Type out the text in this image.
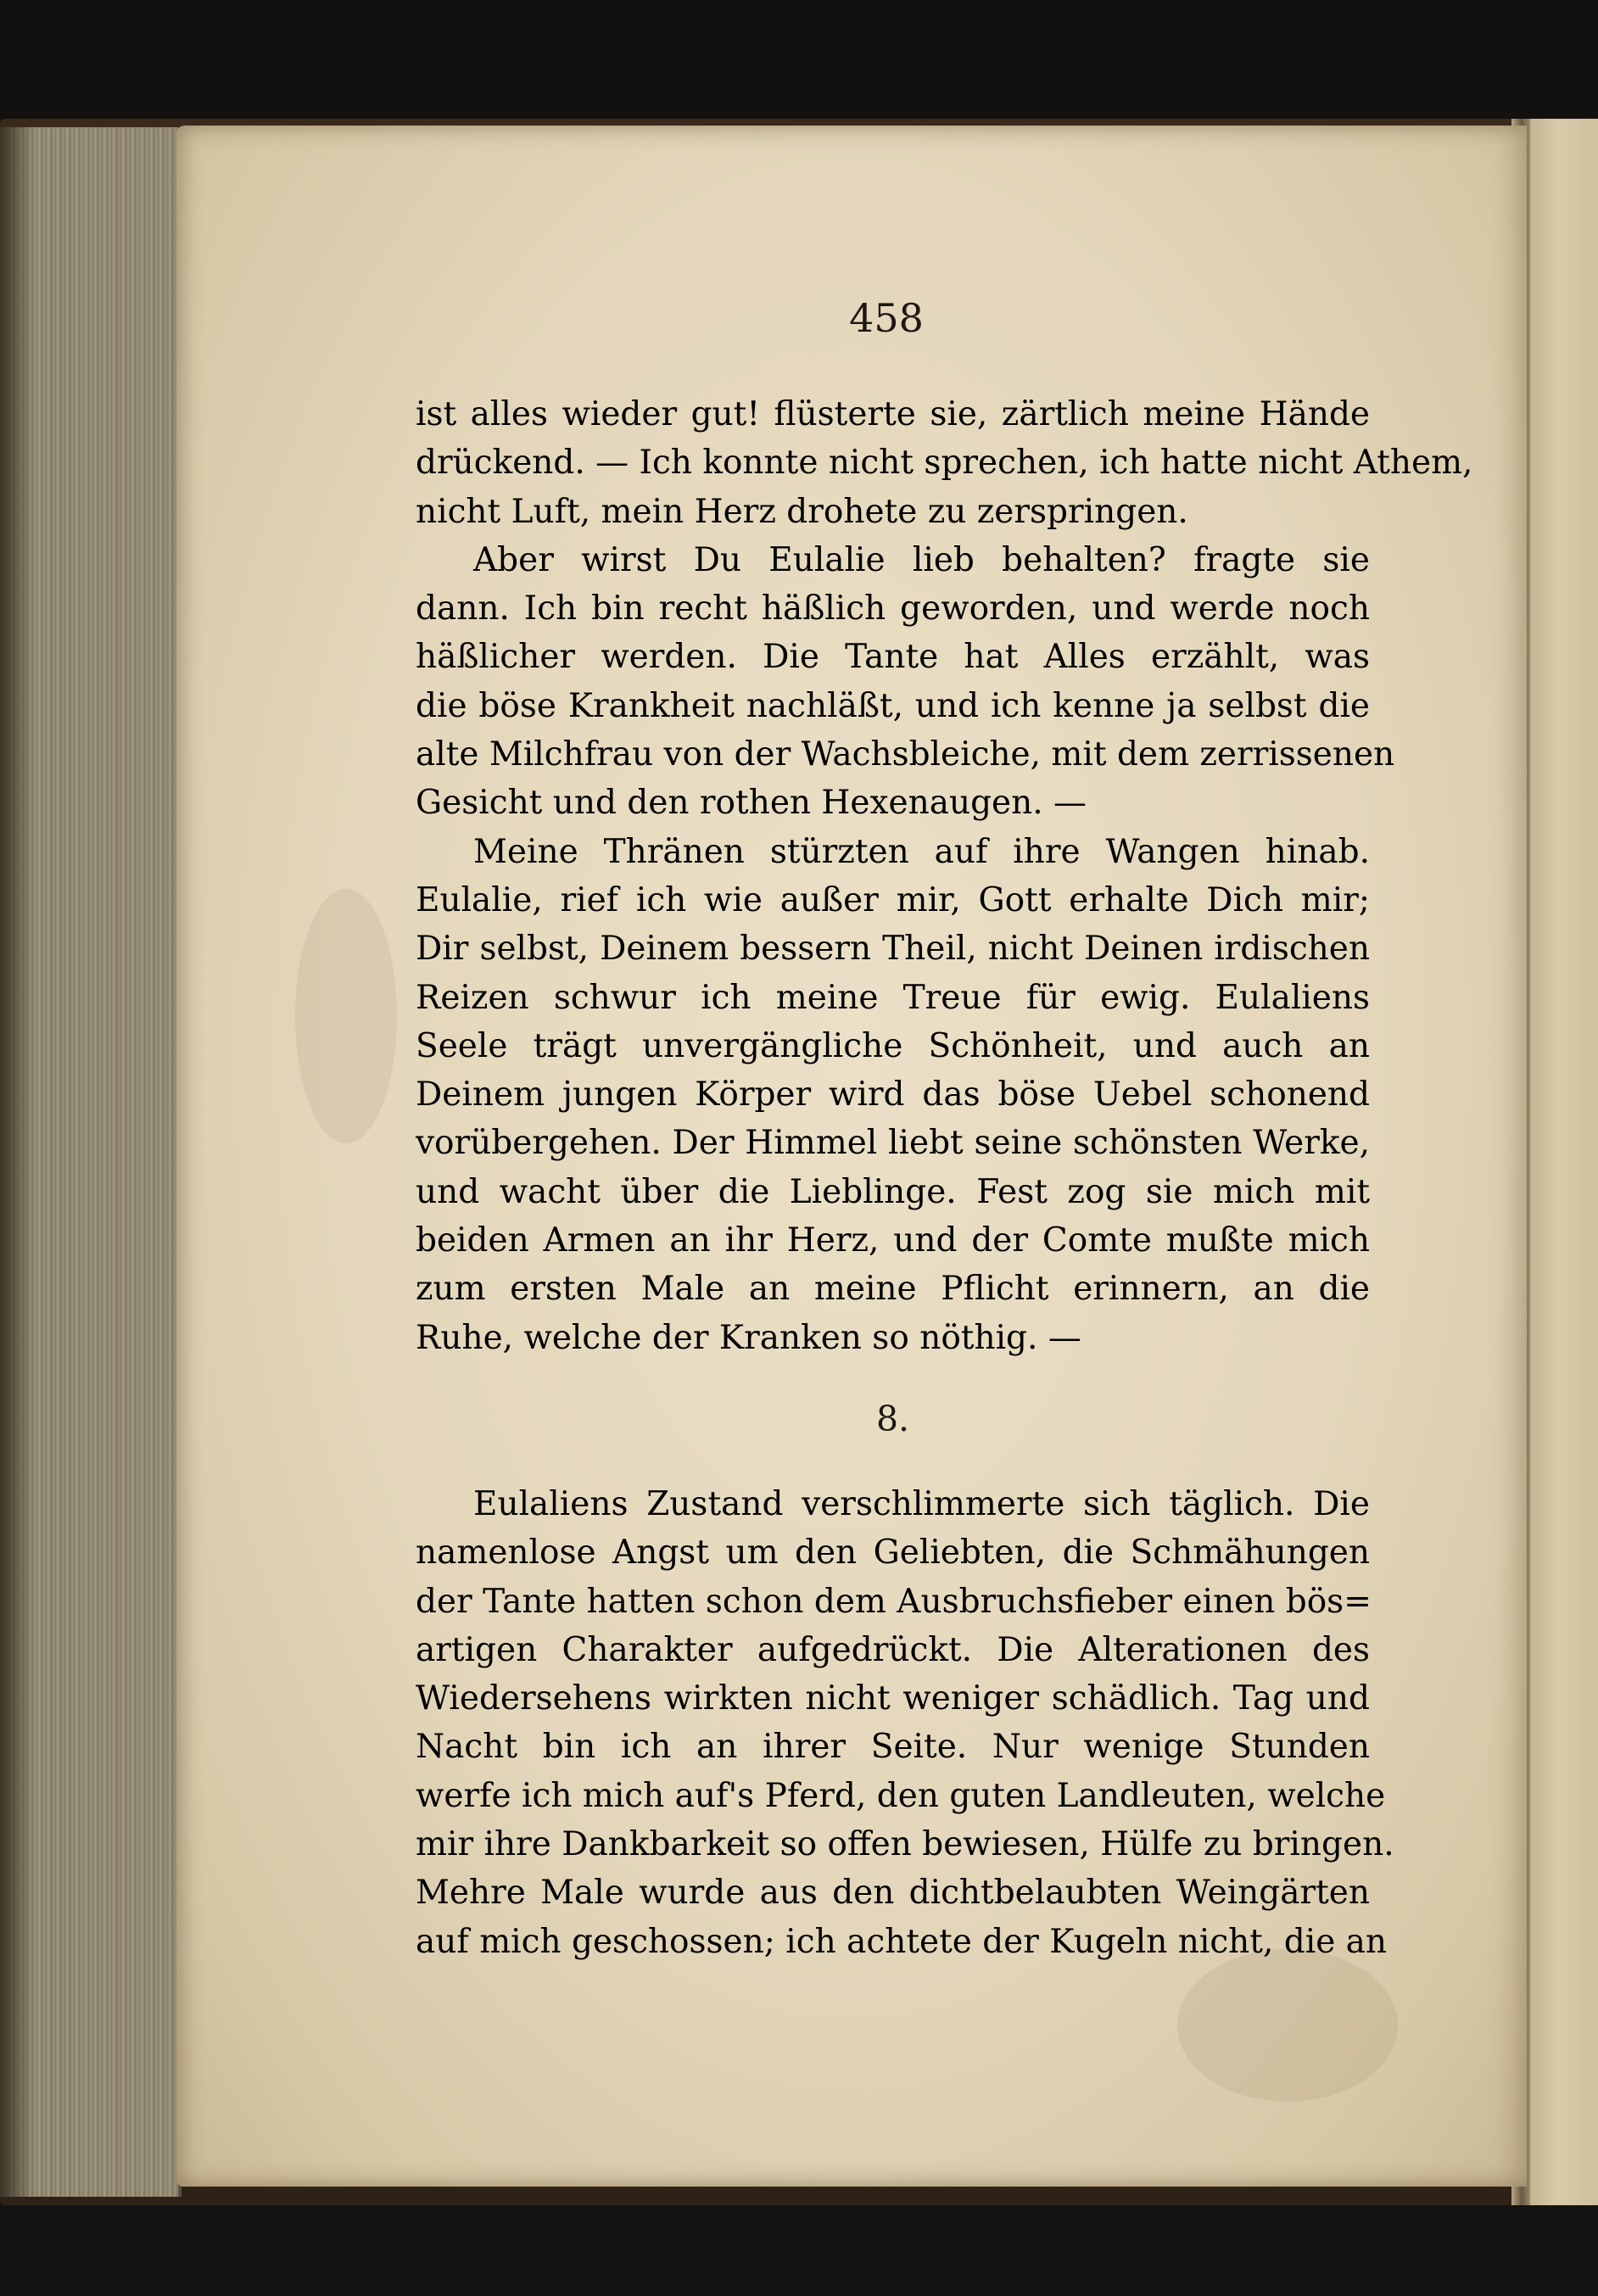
458
ist alles wieder gut! flüsterte sie, zärtlich meine Hände
drückend. — Ich konnte nicht sprechen, ich hatte nicht Athem,
nicht Luft, mein Herz drohete zu zerspringen.
Aber wirst Du Eulalie lieb behalten? fragte sie
dann. Ich bin recht häßlich geworden, und werde noch
häßlicher werden. Die Tante hat Alles erzählt, was
die böse Krankheit nachläßt, und ich kenne ja selbst die
alte Milchfrau von der Wachsbleiche, mit dem zerrissenen
Gesicht und den rothen Hexenaugen. —
Meine Thränen stürzten auf ihre Wangen hinab.
Eulalie, rief ich wie außer mir, Gott erhalte Dich mir;
Dir selbst, Deinem bessern Theil, nicht Deinen irdischen
Reizen schwur ich meine Treue für ewig. Eulaliens
Seele trägt unvergängliche Schönheit, und auch an
Deinem jungen Körper wird das böse Uebel schonend
vorübergehen. Der Himmel liebt seine schönsten Werke,
und wacht über die Lieblinge. Fest zog sie mich mit
beiden Armen an ihr Herz, und der Comte mußte mich
zum ersten Male an meine Pflicht erinnern, an die
Ruhe, welche der Kranken so nöthig. —
8.
Eulaliens Zustand verschlimmerte sich täglich. Die
namenlose Angst um den Geliebten, die Schmähungen
der Tante hatten schon dem Ausbruchsfieber einen bös=
artigen Charakter aufgedrückt. Die Alterationen des
Wiedersehens wirkten nicht weniger schädlich. Tag und
Nacht bin ich an ihrer Seite. Nur wenige Stunden
werfe ich mich auf's Pferd, den guten Landleuten, welche
mir ihre Dankbarkeit so offen bewiesen, Hülfe zu bringen.
Mehre Male wurde aus den dichtbelaubten Weingärten
auf mich geschossen; ich achtete der Kugeln nicht, die an
